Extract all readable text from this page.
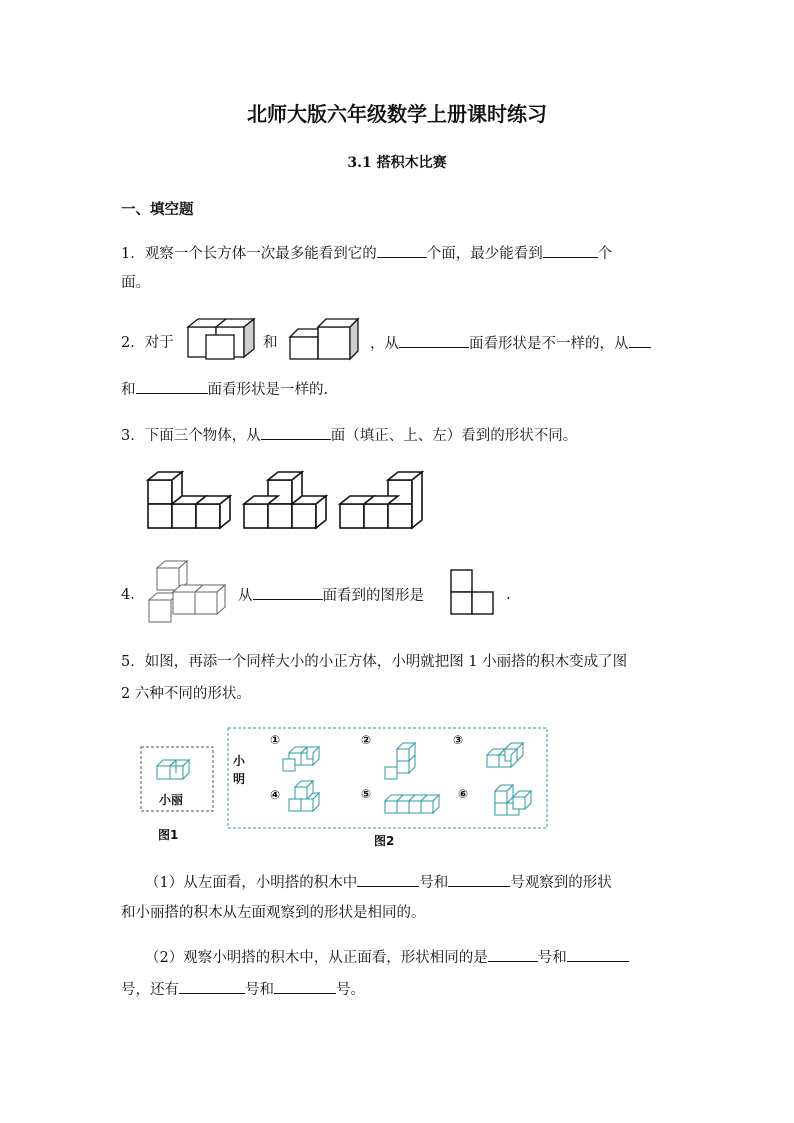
北师大版六年级数学上册课时练习
3.1 搭积木比赛
一、填空题
1．观察一个长方体一次最多能看到它的	个面，最少能看到	个
面。
2．对于	和	，从	面看形状是不一样的，从
和	面看形状是一样的.
3．下面三个物体，从	面（填正、上、左）看到的形状不同。
4．	从	面看到的图形是	.
5．如图，再添一个同样大小的小正方体，小明就把图 1 小丽搭的积木变成了图
2 六种不同的形状。
小丽
图1
小
明
①	②	③
④	⑤	⑥
图2
（1）从左面看，小明搭的积木中	号和	号观察到的形状
和小丽搭的积木从左面观察到的形状是相同的。
（2）观察小明搭的积木中，从正面看，形状相同的是	号和
号，还有	号和	号。
